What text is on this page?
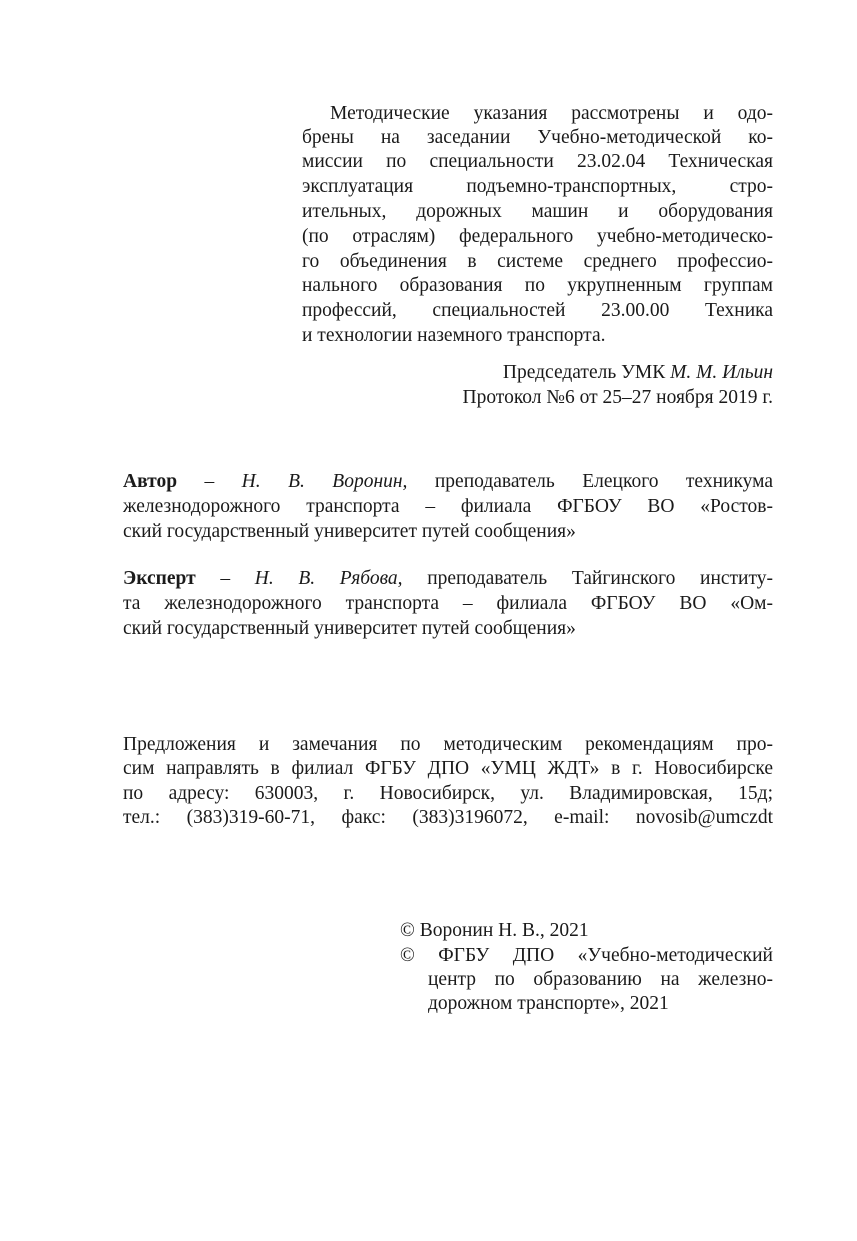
Методические указания рассмотрены и одо-
брены на заседании Учебно-методической ко-
миссии по специальности 23.02.04 Техническая
эксплуатация подъемно-транспортных, стро-
ительных, дорожных машин и оборудования
(по отраслям) федерального учебно-методическо-
го объединения в системе среднего профессио-
нального образования по укрупненным группам
профессий, специальностей 23.00.00 Техника
и технологии наземного транспорта.
Председатель УМК М. М. Ильин
Протокол №6 от 25–27 ноября 2019 г.
Автор – Н. В. Воронин, преподаватель Елецкого техникума
железнодорожного транспорта – филиала ФГБОУ ВО «Ростов-
ский государственный университет путей сообщения»
Эксперт – Н. В. Рябова, преподаватель Тайгинского институ-
та железнодорожного транспорта – филиала ФГБОУ ВО «Ом-
ский государственный университет путей сообщения»
Предложения и замечания по методическим рекомендациям про-
сим направлять в филиал ФГБУ ДПО «УМЦ ЖДТ» в г. Новосибирске
по адресу: 630003, г. Новосибирск, ул. Владимировская, 15д;
тел.: (383)319-60-71, факс: (383)3196072, e-mail: novosib@umczdt
© Воронин Н. В., 2021
© ФГБУ ДПО «Учебно-методический
центр по образованию на железно-
дорожном транспорте», 2021
